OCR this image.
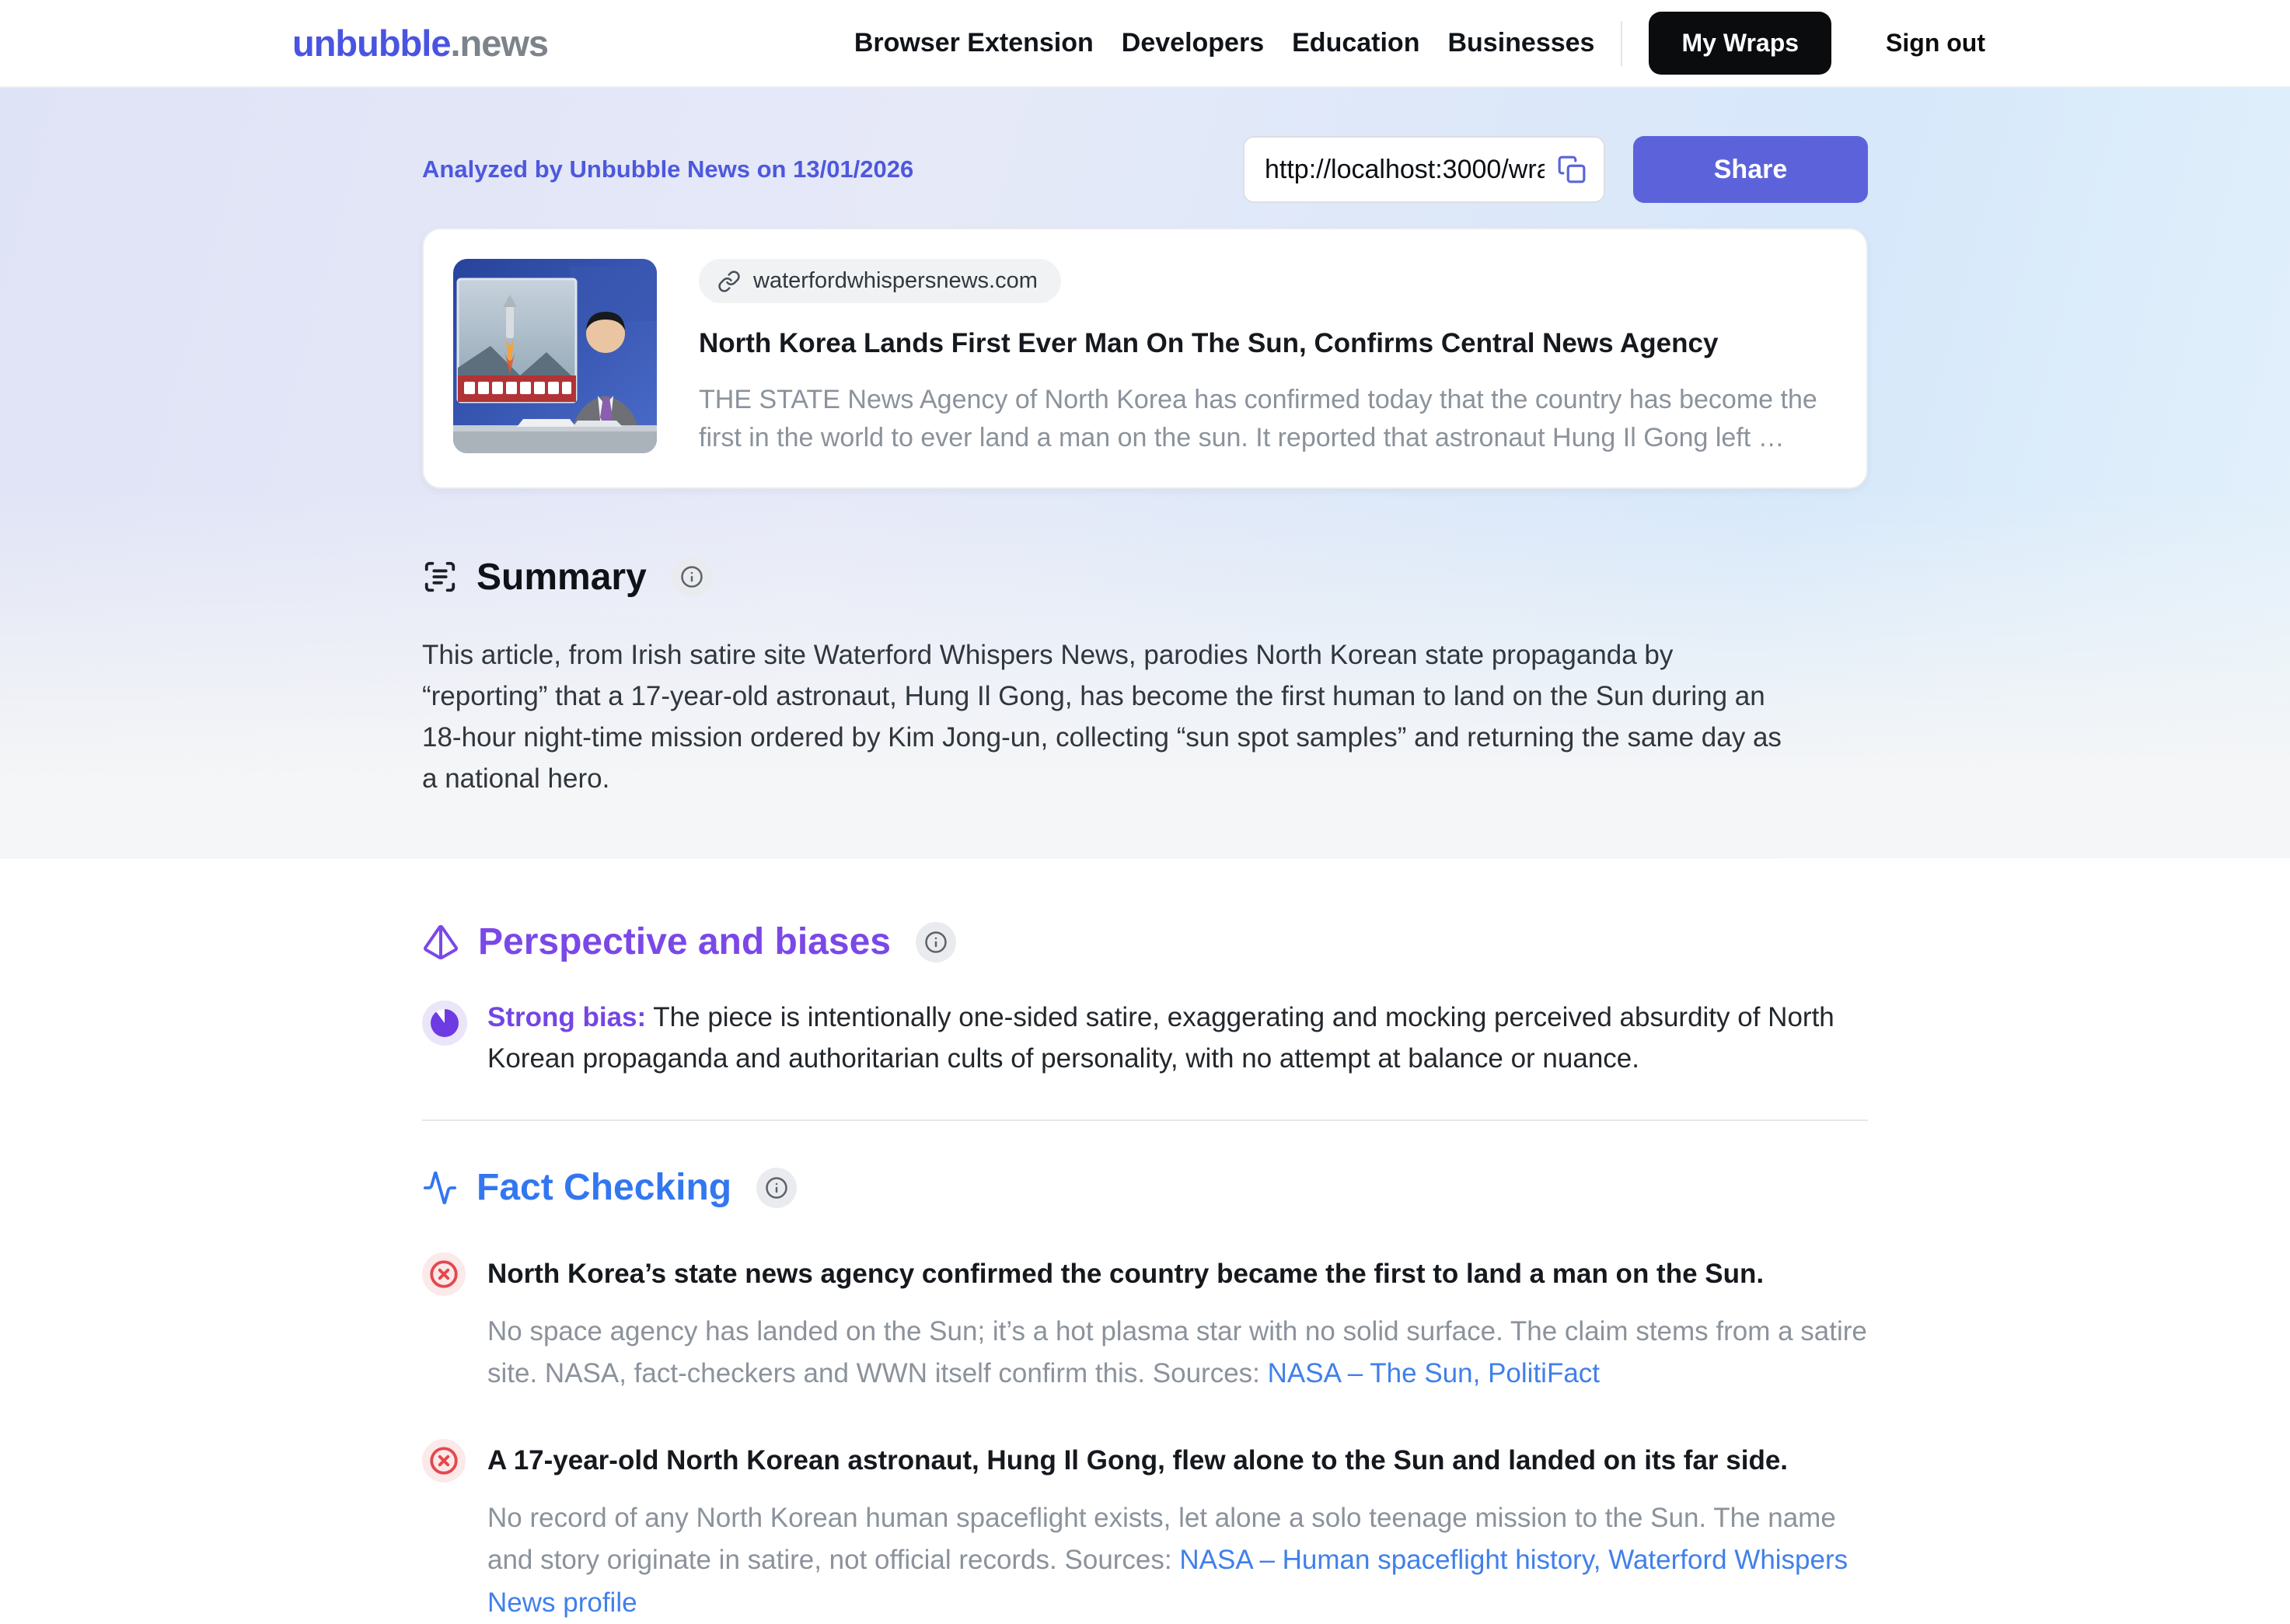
unbubble.news	Browser Extension Developers Education Businesses	My Wraps	Sign out
Analyzed by Unbubble News on 13/01/2026
http://localhost:3000/wra	Share
waterfordwhispersnews.com
North Korea Lands First Ever Man On The Sun, Confirms Central News Agency

THE STATE News Agency of North Korea has confirmed today that the country has become the first in the world to ever land a man on the sun. It reported that astronaut Hung Il Gong left …

Summary

This article, from Irish satire site Waterford Whispers News, parodies North Korean state propaganda by “reporting” that a 17-year-old astronaut, Hung Il Gong, has become the first human to land on the Sun during an 18-hour night-time mission ordered by Kim Jong-un, collecting “sun spot samples” and returning the same day as a national hero.

Perspective and biases

Strong bias: The piece is intentionally one-sided satire, exaggerating and mocking perceived absurdity of North Korean propaganda and authoritarian cults of personality, with no attempt at balance or nuance.

Fact Checking
North Korea’s state news agency confirmed the country became the first to land a man on the Sun.

No space agency has landed on the Sun; it’s a hot plasma star with no solid surface. The claim stems from a satire site. NASA, fact-checkers and WWN itself confirm this. Sources: NASA – The Sun, PolitiFact

A 17-year-old North Korean astronaut, Hung Il Gong, flew alone to the Sun and landed on its far side.

No record of any North Korean human spaceflight exists, let alone a solo teenage mission to the Sun. The name and story originate in satire, not official records. Sources: NASA – Human spaceflight history, Waterford Whispers News profile
